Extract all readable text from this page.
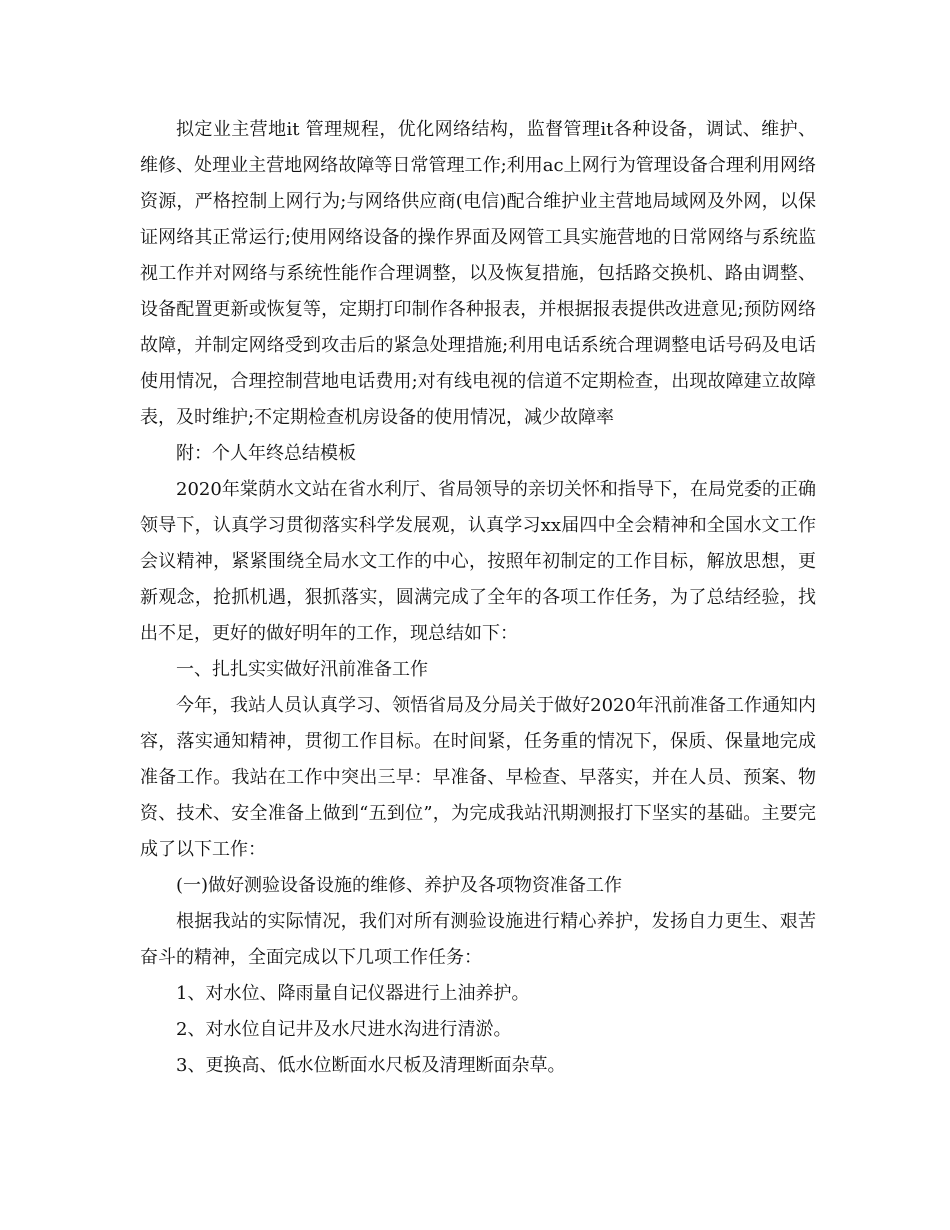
拟定业主营地it 管理规程，优化网络结构，监督管理it各种设备，调试、维护、维修、处理业主营地网络故障等日常管理工作;利用ac上网行为管理设备合理利用网络资源，严格控制上网行为;与网络供应商(电信)配合维护业主营地局域网及外网，以保证网络其正常运行;使用网络设备的操作界面及网管工具实施营地的日常网络与系统监视工作并对网络与系统性能作合理调整，以及恢复措施，包括路交换机、路由调整、设备配置更新或恢复等，定期打印制作各种报表，并根据报表提供改进意见;预防网络故障，并制定网络受到攻击后的紧急处理措施;利用电话系统合理调整电话号码及电话使用情况，合理控制营地电话费用;对有线电视的信道不定期检查，出现故障建立故障表，及时维护;不定期检查机房设备的使用情况，减少故障率

附：个人年终总结模板

2020年棠荫水文站在省水利厅、省局领导的亲切关怀和指导下，在局党委的正确领导下，认真学习贯彻落实科学发展观，认真学习xx届四中全会精神和全国水文工作会议精神，紧紧围绕全局水文工作的中心，按照年初制定的工作目标，解放思想，更新观念，抢抓机遇，狠抓落实，圆满完成了全年的各项工作任务，为了总结经验，找出不足，更好的做好明年的工作，现总结如下：

一、扎扎实实做好汛前准备工作

今年，我站人员认真学习、领悟省局及分局关于做好2020年汛前准备工作通知内容，落实通知精神，贯彻工作目标。在时间紧，任务重的情况下，保质、保量地完成准备工作。我站在工作中突出三早：早准备、早检查、早落实，并在人员、预案、物资、技术、安全准备上做到“五到位”，为完成我站汛期测报打下坚实的基础。主要完成了以下工作：

(一)做好测验设备设施的维修、养护及各项物资准备工作

根据我站的实际情况，我们对所有测验设施进行精心养护，发扬自力更生、艰苦奋斗的精神，全面完成以下几项工作任务：

1、对水位、降雨量自记仪器进行上油养护。

2、对水位自记井及水尺进水沟进行清淤。

3、更换高、低水位断面水尺板及清理断面杂草。
